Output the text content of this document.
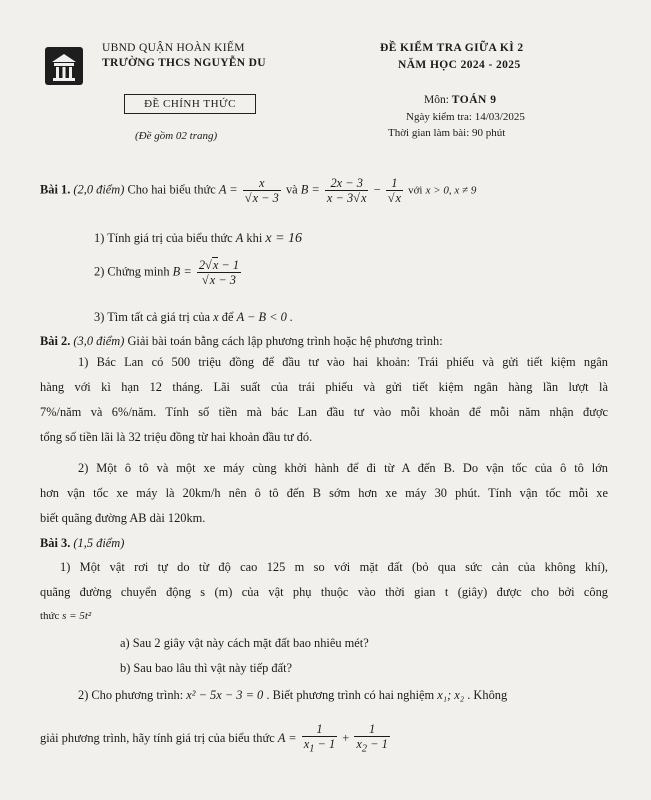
UBND QUẬN HOÀN KIẾM
TRƯỜNG THCS NGUYỄN DU
ĐỀ CHÍNH THỨC
(Đề gồm 02 trang)
ĐỀ KIỂM TRA GIỮA KÌ 2
NĂM HỌC 2024 - 2025
Môn: TOÁN 9
Ngày kiểm tra: 14/03/2025
Thời gian làm bài: 90 phút
Bài 1. (2,0 điểm) Cho hai biểu thức $A = \frac{x}{√x - 3}$ và $B = \frac{2x - 3}{x - 3√x} - \frac{1}{√x}$ với x > 0, x ≠ 9
1) Tính giá trị của biểu thức A khi x = 16
2) Chứng minh $B = \frac{2√x - 1}{√x - 3}$
3) Tìm tất cả giá trị của x để A − B < 0 .
Bài 2. (3,0 điểm) Giải bài toán bằng cách lập phương trình hoặc hệ phương trình:
1) Bác Lan có 500 triệu đồng để đầu tư vào hai khoản: Trái phiếu và gửi tiết kiệm ngân
hàng với kì hạn 12 tháng. Lãi suất của trái phiếu và gửi tiết kiệm ngân hàng lần lượt là
7%/năm và 6%/năm. Tính số tiền mà bác Lan đầu tư vào mỗi khoản để mỗi năm nhận được
tổng số tiền lãi là 32 triệu đồng từ hai khoản đầu tư đó.
2) Một ô tô và một xe máy cùng khởi hành để đi từ A đến B. Do vận tốc của ô tô lớn
hơn vận tốc xe máy là 20km/h nên ô tô đến B sớm hơn xe máy 30 phút. Tính vận tốc mỗi xe
biết quãng đường AB dài 120km.
Bài 3. (1,5 điểm)
1) Một vật rơi tự do từ độ cao 125 m so với mặt đất (bỏ qua sức cản của không khí),
quãng đường chuyển động s (m) của vật phụ thuộc vào thời gian t (giây) được cho bởi công
thức s = 5t²
a) Sau 2 giây vật này cách mặt đất bao nhiêu mét?
b) Sau bao lâu thì vật này tiếp đất?
2) Cho phương trình: x² − 5x − 3 = 0 . Biết phương trình có hai nghiệm x₁; x₂ . Không
giải phương trình, hãy tính giá trị của biểu thức $A = \frac{1}{x_1 - 1} + \frac{1}{x_2 - 1}$
